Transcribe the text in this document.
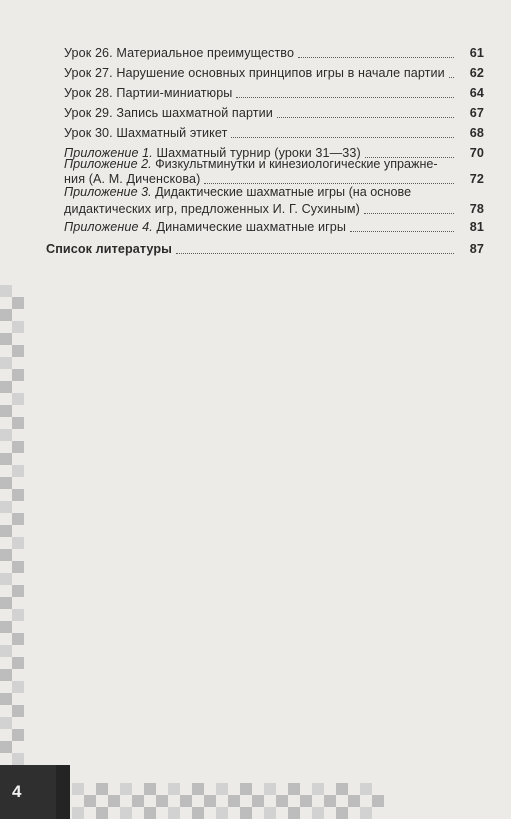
Урок 26. Материальное преимущество	61
Урок 27. Нарушение основных принципов игры в начале партии	62
Урок 28. Партии-миниатюры	64
Урок 29. Запись шахматной партии	67
Урок 30. Шахматный этикет	68
Приложение 1. Шахматный турнир (уроки 31—33)	70
Приложение 2. Физкультминутки и кинезиологические упражне-
ния (А. М. Диченскова)	72
Приложение 3. Дидактические шахматные игры (на основе
дидактических игр, предложенных И. Г. Сухиным)	78
Приложение 4. Динамические шахматные игры	81
Список литературы	87
4
